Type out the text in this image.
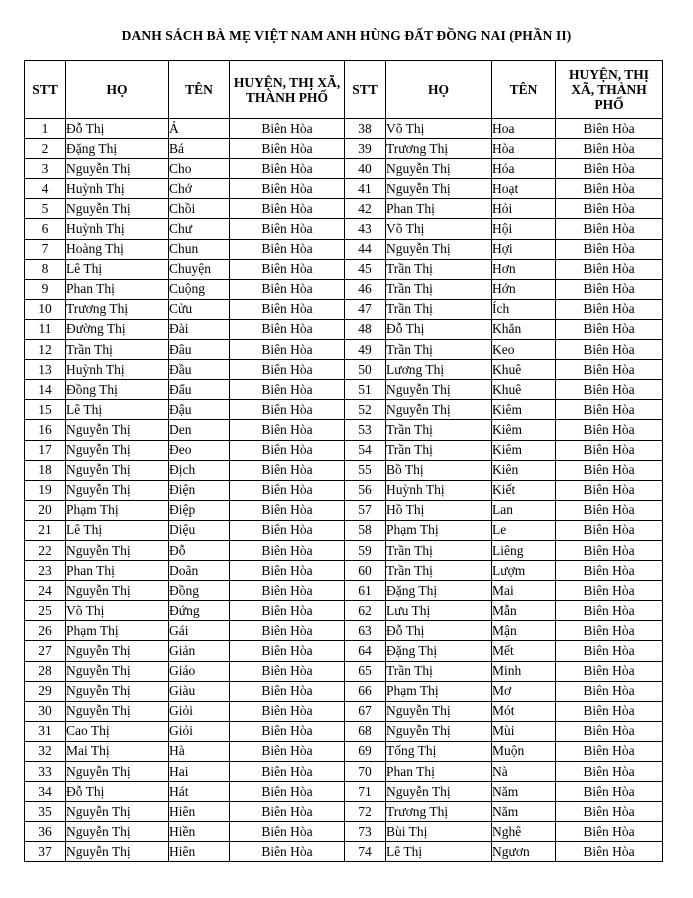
DANH SÁCH BÀ MẸ VIỆT NAM ANH HÙNG ĐẤT ĐỒNG NAI (PHẦN II)
STT	HỌ	TÊN	HUYỆN, THỊ XÃ, THÀNH PHỐ	STT	HỌ	TÊN	HUYỆN, THỊ XÃ, THÀNH PHỐ
1	Đỗ Thị	Ả	Biên Hòa	38	Võ Thị	Hoa	Biên Hòa
2	Đặng Thị	Bá	Biên Hòa	39	Trương Thị	Hòa	Biên Hòa
3	Nguyễn Thị	Cho	Biên Hòa	40	Nguyễn Thị	Hóa	Biên Hòa
4	Huỳnh Thị	Chớ	Biên Hòa	41	Nguyễn Thị	Hoạt	Biên Hòa
5	Nguyễn Thị	Chồi	Biên Hòa	42	Phan Thị	Hỏi	Biên Hòa
6	Huỳnh Thị	Chư	Biên Hòa	43	Võ Thị	Hội	Biên Hòa
7	Hoàng Thị	Chun	Biên Hòa	44	Nguyễn Thị	Hợi	Biên Hòa
8	Lê Thị	Chuyện	Biên Hòa	45	Trần Thị	Hơn	Biên Hòa
9	Phan Thị	Cuộng	Biên Hòa	46	Trần Thị	Hớn	Biên Hòa
10	Trương Thị	Cửu	Biên Hòa	47	Trần Thị	Ích	Biên Hòa
11	Đường Thị	Đài	Biên Hòa	48	Đỗ Thị	Khăn	Biên Hòa
12	Trần Thị	Đâu	Biên Hòa	49	Trần Thị	Keo	Biên Hòa
13	Huỳnh Thị	Đầu	Biên Hòa	50	Lương Thị	Khuê	Biên Hòa
14	Đồng Thị	Đẩu	Biên Hòa	51	Nguyễn Thị	Khuê	Biên Hòa
15	Lê Thị	Đậu	Biên Hòa	52	Nguyễn Thị	Kiêm	Biên Hòa
16	Nguyễn Thị	Den	Biên Hòa	53	Trần Thị	Kiêm	Biên Hòa
17	Nguyễn Thị	Đeo	Biên Hòa	54	Trần Thị	Kiêm	Biên Hòa
18	Nguyễn Thị	Địch	Biên Hòa	55	Bồ Thị	Kiên	Biên Hòa
19	Nguyễn Thị	Điện	Biên Hòa	56	Huỳnh Thị	Kiết	Biên Hòa
20	Phạm Thị	Điệp	Biên Hòa	57	Hồ Thị	Lan	Biên Hòa
21	Lê Thị	Diệu	Biên Hòa	58	Phạm Thị	Le	Biên Hòa
22	Nguyễn Thị	Đỗ	Biên Hòa	59	Trần Thị	Liêng	Biên Hòa
23	Phan Thị	Doãn	Biên Hòa	60	Trần Thị	Lượm	Biên Hòa
24	Nguyễn Thị	Đồng	Biên Hòa	61	Đặng Thị	Mai	Biên Hòa
25	Võ Thị	Đứng	Biên Hòa	62	Lưu Thị	Mẫn	Biên Hòa
26	Phạm Thị	Gái	Biên Hòa	63	Đỗ Thị	Mận	Biên Hòa
27	Nguyễn Thị	Giản	Biên Hòa	64	Đặng Thị	Mết	Biên Hòa
28	Nguyễn Thị	Giáo	Biên Hòa	65	Trần Thị	Minh	Biên Hòa
29	Nguyễn Thị	Giàu	Biên Hòa	66	Phạm Thị	Mơ	Biên Hòa
30	Nguyễn Thị	Giỏi	Biên Hòa	67	Nguyễn Thị	Mót	Biên Hòa
31	Cao Thị	Giỏi	Biên Hòa	68	Nguyễn Thị	Mùi	Biên Hòa
32	Mai Thị	Hà	Biên Hòa	69	Tống Thị	Muộn	Biên Hòa
33	Nguyễn Thị	Hai	Biên Hòa	70	Phan Thị	Nà	Biên Hòa
34	Đỗ Thị	Hát	Biên Hòa	71	Nguyễn Thị	Năm	Biên Hòa
35	Nguyễn Thị	Hiên	Biên Hòa	72	Trương Thị	Năm	Biên Hòa
36	Nguyễn Thị	Hiền	Biên Hòa	73	Bùi Thị	Nghê	Biên Hòa
37	Nguyễn Thị	Hiên	Biên Hòa	74	Lê Thị	Ngươn	Biên Hòa
